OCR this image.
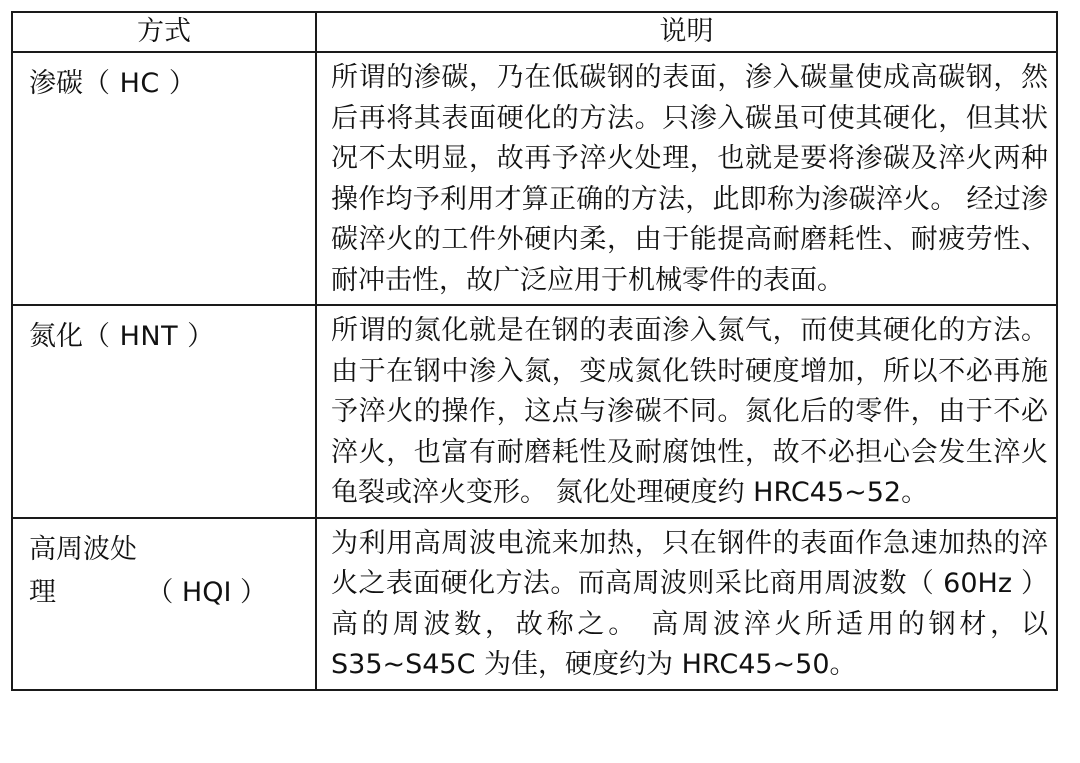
方式	说明
渗碳（ HC ）	所谓的渗碳，乃在低碳钢的表面，渗入碳量使成高碳钢，然后再将其表面硬化的方法。只渗入碳虽可使其硬化，但其状况不太明显，故再予淬火处理，也就是要将渗碳及淬火两种操作均予利用才算正确的方法，此即称为渗碳淬火。 经过渗碳淬火的工件外硬内柔，由于能提高耐磨耗性、耐疲劳性、耐冲击性，故广泛应用于机械零件的表面。
氮化（ HNT ）	所谓的氮化就是在钢的表面渗入氮气，而使其硬化的方法。由于在钢中渗入氮，变成氮化铁时硬度增加，所以不必再施予淬火的操作，这点与渗碳不同。氮化后的零件，由于不必淬火，也富有耐磨耗性及耐腐蚀性，故不必担心会发生淬火龟裂或淬火变形。 氮化处理硬度约 HRC45~52。

高周波处
理 （ HQI ）	为利用高周波电流来加热，只在钢件的表面作急速加热的淬火之表面硬化方法。而高周波则采比商用周波数（ 60Hz ）高的周波数，故称之。 高周波淬火所适用的钢材，以 S35~S45C 为佳，硬度约为 HRC45~50。
